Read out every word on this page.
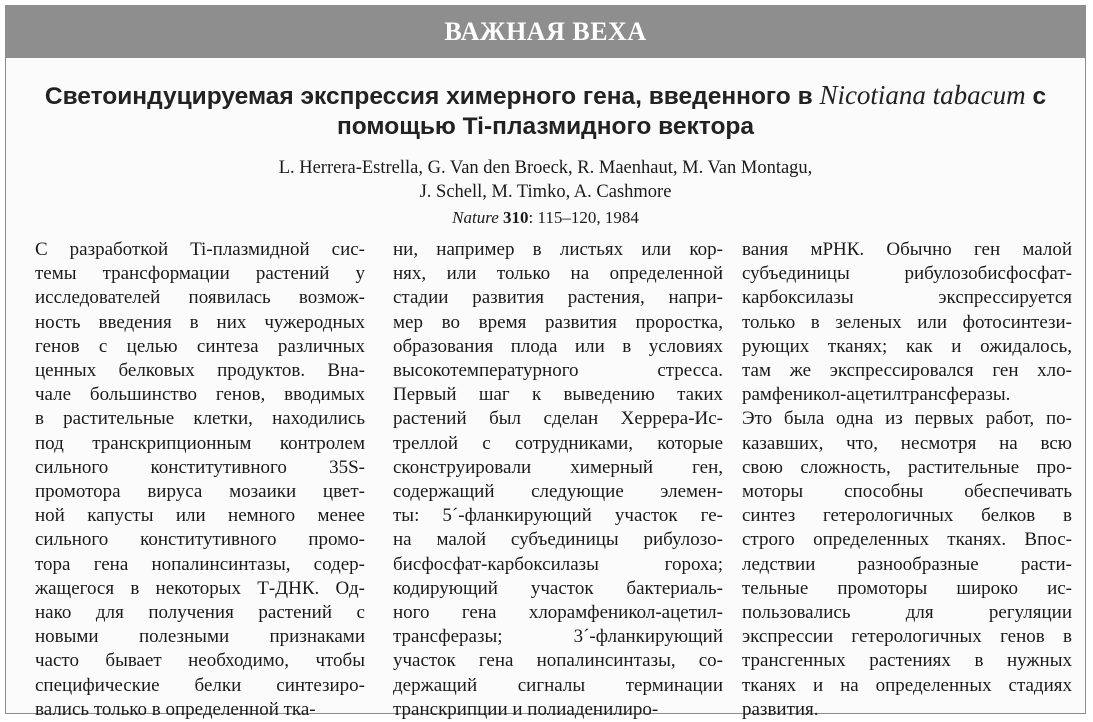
ВАЖНАЯ ВЕХА
Светоиндуцируемая экспрессия химерного гена, введенного в Nicotiana tabacum с
помощью Ti-плазмидного вектора
L. Herrera-Estrella, G. Van den Broeck, R. Maenhaut, M. Van Montagu,
J. Schell, M. Timko, A. Cashmore
Nature 310: 115–120, 1984
С разработкой Ti-плазмидной сис-
темы трансформации растений у
исследователей появилась возмож-
ность введения в них чужеродных
генов с целью синтеза различных
ценных белковых продуктов. Вна-
чале большинство генов, вводимых
в растительные клетки, находились
под транскрипционным контролем
сильного конститутивного 35S-
промотора вируса мозаики цвет-
ной капусты или немного менее
сильного конститутивного промо-
тора гена нопалинсинтазы, содер-
жащегося в некоторых Т-ДНК. Од-
нако для получения растений с
новыми полезными признаками
часто бывает необходимо, чтобы
специфические белки синтезиро-
вались только в определенной тка-
ни, например в листьях или кор-
нях, или только на определенной
стадии развития растения, напри-
мер во время развития проростка,
образования плода или в условиях
высокотемпературного стресса.
Первый шаг к выведению таких
растений был сделан Херрера-Ис-
треллой с сотрудниками, которые
сконструировали химерный ген,
содержащий следующие элемен-
ты: 5´-фланкирующий участок ге-
на малой субъединицы рибулозо-
бисфосфат-карбоксилазы гороха;
кодирующий участок бактериаль-
ного гена хлорамфеникол-ацетил-
трансферазы; 3´-фланкирующий
участок гена нопалинсинтазы, со-
держащий сигналы терминации
транскрипции и полиаденилиро-
вания мРНК. Обычно ген малой
субъединицы рибулозобисфосфат-
карбоксилазы экспрессируется
только в зеленых или фотосинтези-
рующих тканях; как и ожидалось,
там же экспрессировался ген хло-
рамфеникол-ацетилтрансферазы.
Это была одна из первых работ, по-
казавших, что, несмотря на всю
свою сложность, растительные про-
моторы способны обеспечивать
синтез гетерологичных белков в
строго определенных тканях. Впос-
ледствии разнообразные расти-
тельные промоторы широко ис-
пользовались для регуляции
экспрессии гетерологичных генов в
трансгенных растениях в нужных
тканях и на определенных стадиях
развития.
